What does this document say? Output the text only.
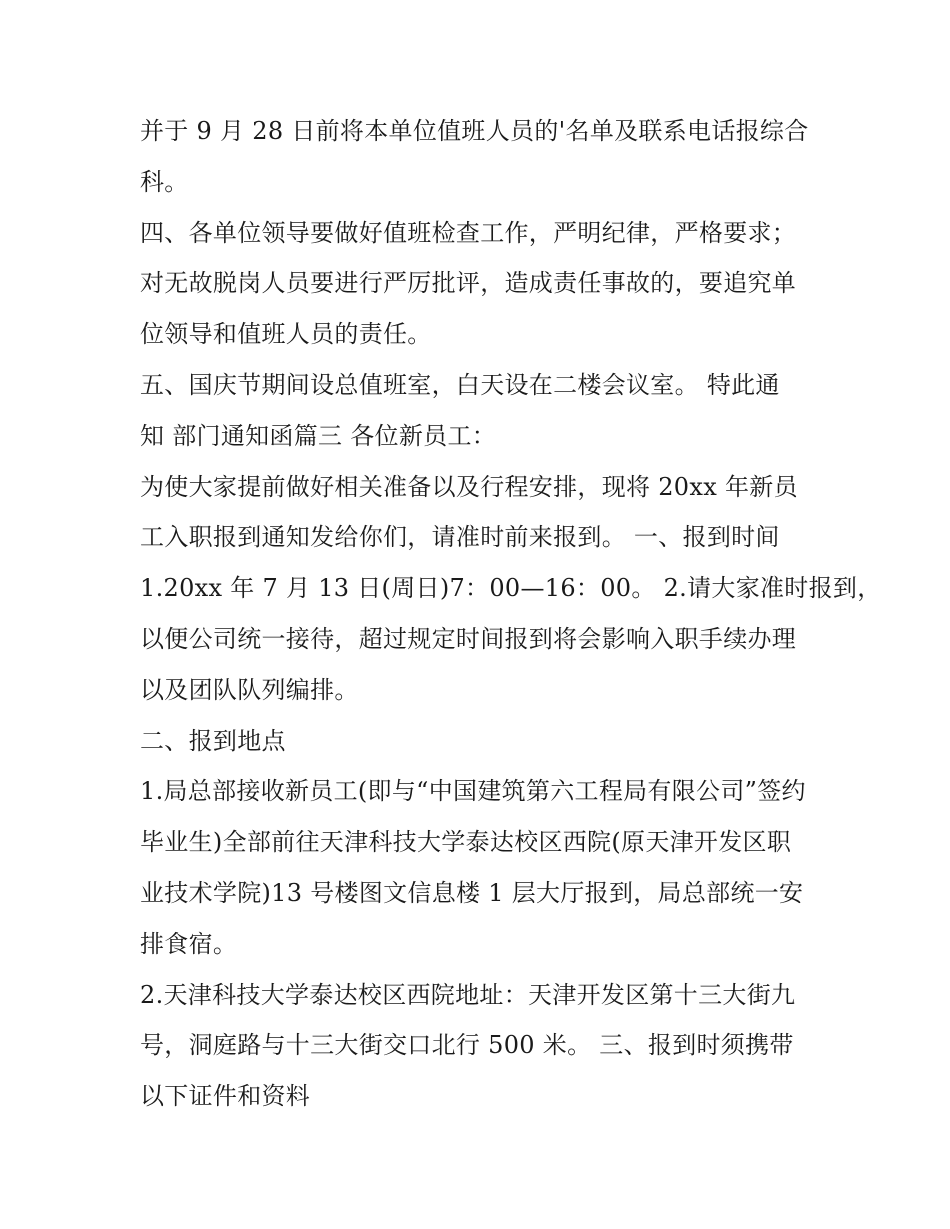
并于 9 月 28 日前将本单位值班人员的'名单及联系电话报综合
科。
四、各单位领导要做好值班检查工作，严明纪律，严格要求；
对无故脱岗人员要进行严厉批评，造成责任事故的，要追究单
位领导和值班人员的责任。
五、国庆节期间设总值班室，白天设在二楼会议室。 特此通
知 部门通知函篇三 各位新员工：
为使大家提前做好相关准备以及行程安排，现将 20xx 年新员
工入职报到通知发给你们，请准时前来报到。 一、报到时间
1.20xx 年 7 月 13 日(周日)7：00—16：00。 2.请大家准时报到，
以便公司统一接待，超过规定时间报到将会影响入职手续办理
以及团队队列编排。
二、报到地点
1.局总部接收新员工(即与“中国建筑第六工程局有限公司”签约
毕业生)全部前往天津科技大学泰达校区西院(原天津开发区职
业技术学院)13 号楼图文信息楼 1 层大厅报到，局总部统一安
排食宿。
2.天津科技大学泰达校区西院地址：天津开发区第十三大街九
号，洞庭路与十三大街交口北行 500 米。 三、报到时须携带
以下证件和资料
